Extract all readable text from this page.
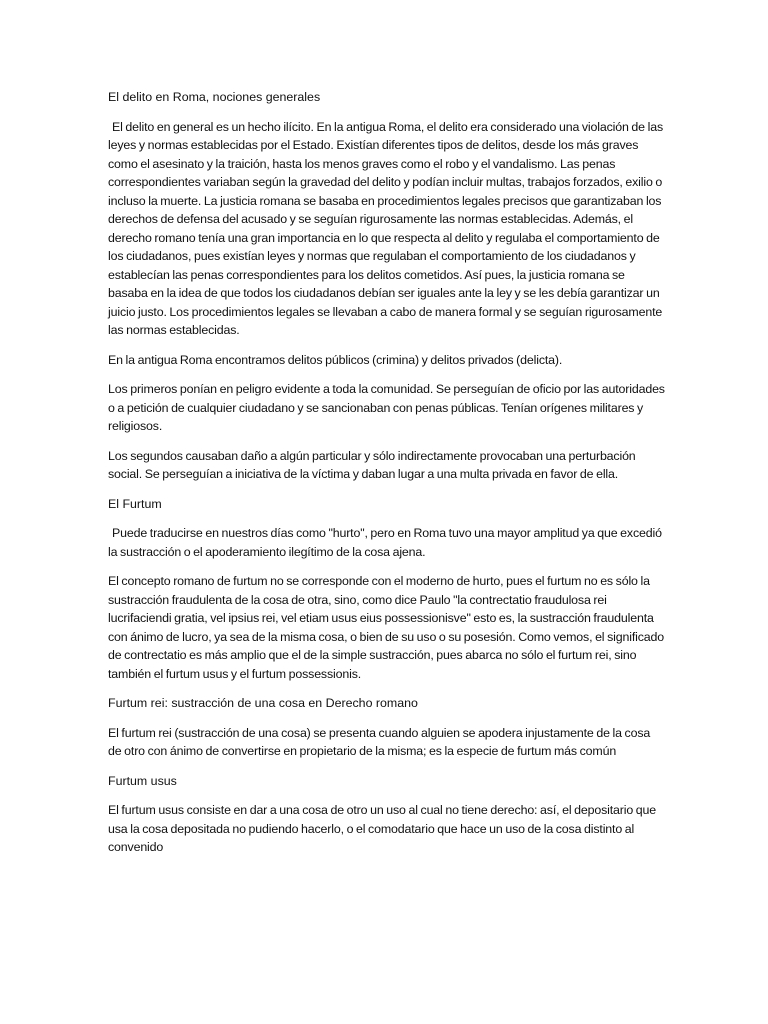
El delito en Roma, nociones generales

El delito en general es un hecho ilícito. En la antigua Roma, el delito era considerado una violación de las leyes y normas establecidas por el Estado. Existían diferentes tipos de delitos, desde los más graves como el asesinato y la traición, hasta los menos graves como el robo y el vandalismo. Las penas correspondientes variaban según la gravedad del delito y podían incluir multas, trabajos forzados, exilio o incluso la muerte. La justicia romana se basaba en procedimientos legales precisos que garantizaban los derechos de defensa del acusado y se seguían rigurosamente las normas establecidas. Además, el derecho romano tenía una gran importancia en lo que respecta al delito y regulaba el comportamiento de los ciudadanos, pues existían leyes y normas que regulaban el comportamiento de los ciudadanos y establecían las penas correspondientes para los delitos cometidos. Así pues, la justicia romana se basaba en la idea de que todos los ciudadanos debían ser iguales ante la ley y se les debía garantizar un juicio justo. Los procedimientos legales se llevaban a cabo de manera formal y se seguían rigurosamente las normas establecidas.

En la antigua Roma encontramos delitos públicos (crimina) y delitos privados (delicta).

Los primeros ponían en peligro evidente a toda la comunidad. Se perseguían de oficio por las autoridades o a petición de cualquier ciudadano y se sancionaban con penas públicas. Tenían orígenes militares y religiosos.

Los segundos causaban daño a algún particular y sólo indirectamente provocaban una perturbación social. Se perseguían a iniciativa de la víctima y daban lugar a una multa privada en favor de ella.

El Furtum

Puede traducirse en nuestros días como "hurto", pero en Roma tuvo una mayor amplitud ya que excedió la sustracción o el apoderamiento ilegítimo de la cosa ajena.

El concepto romano de furtum no se corresponde con el moderno de hurto, pues el furtum no es sólo la sustracción fraudulenta de la cosa de otra, sino, como dice Paulo "la contrectatio fraudulosa rei lucrifaciendi gratia, vel ipsius rei, vel etiam usus eius possessionisve" esto es, la sustracción fraudulenta con ánimo de lucro, ya sea de la misma cosa, o bien de su uso o su posesión. Como vemos, el significado de contrectatio es más amplio que el de la simple sustracción, pues abarca no sólo el furtum rei, sino también el furtum usus y el furtum possessionis.

Furtum rei: sustracción de una cosa en Derecho romano

El furtum rei (sustracción de una cosa) se presenta cuando alguien se apodera injustamente de la cosa de otro con ánimo de convertirse en propietario de la misma; es la especie de furtum más común

Furtum usus

El furtum usus consiste en dar a una cosa de otro un uso al cual no tiene derecho: así, el depositario que usa la cosa depositada no pudiendo hacerlo, o el comodatario que hace un uso de la cosa distinto al convenido
